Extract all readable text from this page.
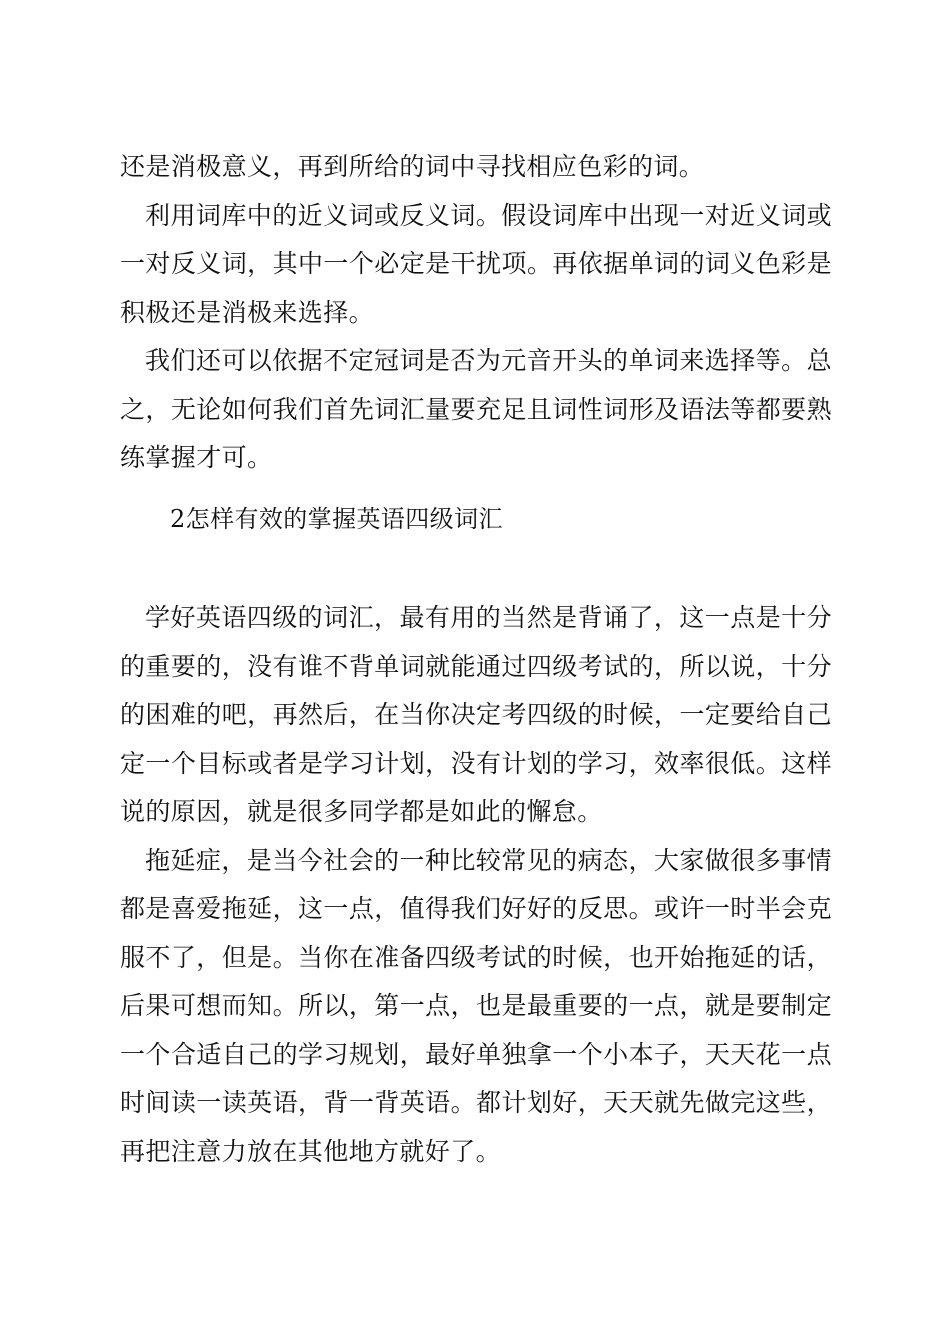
还是消极意义，再到所给的词中寻找相应色彩的词。

利用词库中的近义词或反义词。假设词库中出现一对近义词或一对反义词，其中一个必定是干扰项。再依据单词的词义色彩是积极还是消极来选择。

我们还可以依据不定冠词是否为元音开头的单词来选择等。总之，无论如何我们首先词汇量要充足且词性词形及语法等都要熟练掌握才可。

2怎样有效的掌握英语四级词汇

学好英语四级的词汇，最有用的当然是背诵了，这一点是十分的重要的，没有谁不背单词就能通过四级考试的，所以说，十分的困难的吧，再然后，在当你决定考四级的时候，一定要给自己定一个目标或者是学习计划，没有计划的学习，效率很低。这样说的原因，就是很多同学都是如此的懈怠。

拖延症，是当今社会的一种比较常见的病态，大家做很多事情都是喜爱拖延，这一点，值得我们好好的反思。或许一时半会克服不了，但是。当你在准备四级考试的时候，也开始拖延的话，后果可想而知。所以，第一点，也是最重要的一点，就是要制定一个合适自己的学习规划，最好单独拿一个小本子，天天花一点时间读一读英语，背一背英语。都计划好，天天就先做完这些，再把注意力放在其他地方就好了。
